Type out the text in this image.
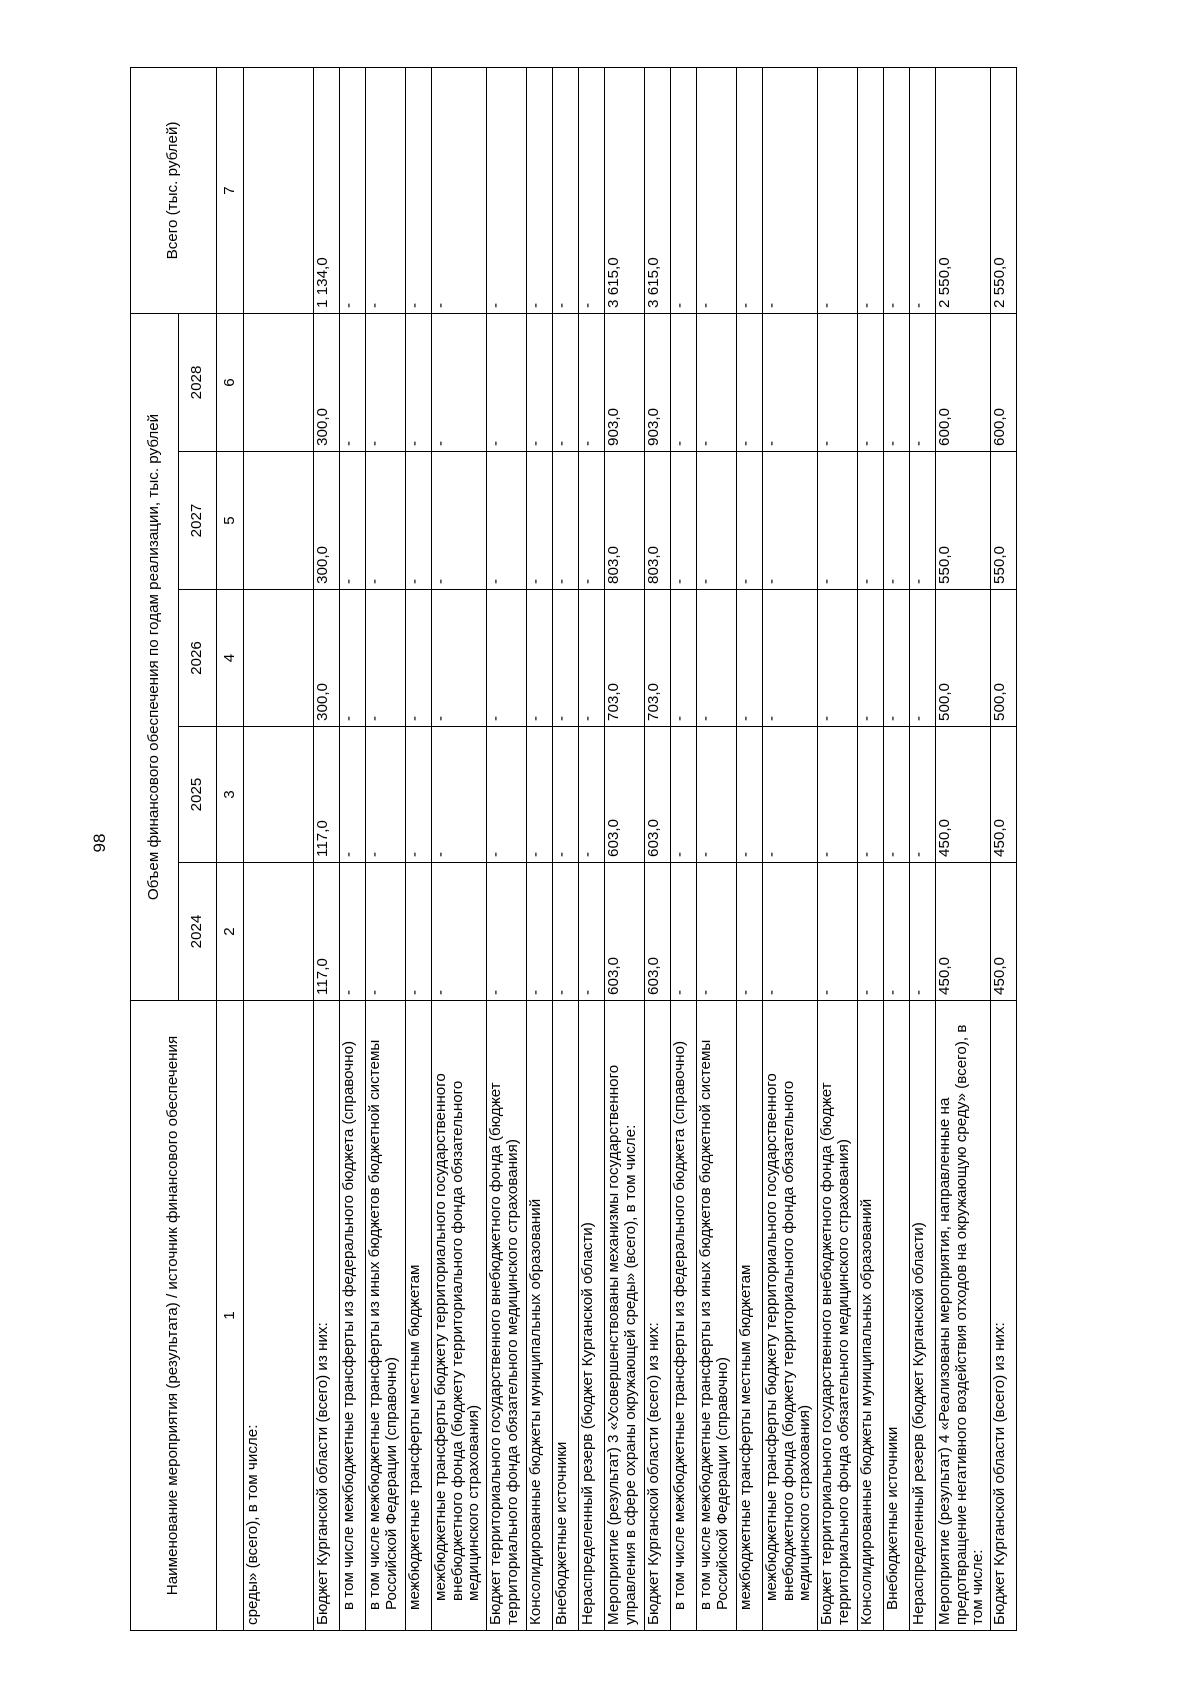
98
Наименование мероприятия (результата) / источник финансового обеспечения	Объем финансового обеспечения по годам реализации, тыс. рублей					Всего (тыс. рублей)
	2024	2025	2026	2027	2028	
1	2	3	4	5	6	7
среды» (всего), в том числе:						
Бюджет Курганской области (всего) из них:	117,0	117,0	300,0	300,0	300,0	1 134,0
в том числе межбюджетные трансферты из федерального бюджета (справочно)	-	-	-	-	-	-
в том числе межбюджетные трансферты из иных бюджетов бюджетной системы Российской Федерации (справочно)	-	-	-	-	-	-
межбюджетные трансферты местным бюджетам	-	-	-	-	-	-
межбюджетные трансферты бюджету территориального государственного внебюджетного фонда (бюджету территориального фонда обязательного медицинского страхования)	-	-	-	-	-	-
Бюджет территориального государственного внебюджетного фонда (бюджет территориального фонда обязательного медицинского страхования)	-	-	-	-	-	-
Консолидированные бюджеты муниципальных образований	-	-	-	-	-	-
Внебюджетные источники	-	-	-	-	-	-
Нераспределенный резерв (бюджет Курганской области)	-	-	-	-	-	-
Мероприятие (результат) 3 «Усовершенствованы механизмы государственного управления в сфере охраны окружающей среды» (всего), в том числе:	603,0	603,0	703,0	803,0	903,0	3 615,0
Бюджет Курганской области (всего) из них:	603,0	603,0	703,0	803,0	903,0	3 615,0
в том числе межбюджетные трансферты из федерального бюджета (справочно)	-	-	-	-	-	-
в том числе межбюджетные трансферты из иных бюджетов бюджетной системы Российской Федерации (справочно)	-	-	-	-	-	-
межбюджетные трансферты местным бюджетам	-	-	-	-	-	-
межбюджетные трансферты бюджету территориального государственного внебюджетного фонда (бюджету территориального фонда обязательного медицинского страхования)	-	-	-	-	-	-
Бюджет территориального государственного внебюджетного фонда (бюджет территориального фонда обязательного медицинского страхования)	-	-	-	-	-	-
Консолидированные бюджеты муниципальных образований	-	-	-	-	-	-
Внебюджетные источники	-	-	-	-	-	-
Нераспределенный резерв (бюджет Курганской области)	-	-	-	-	-	-
Мероприятие (результат) 4 «Реализованы мероприятия, направленные на предотвращение негативного воздействия отходов на окружающую среду» (всего), в том числе:	450,0	450,0	500,0	550,0	600,0	2 550,0
Бюджет Курганской области (всего) из них:	450,0	450,0	500,0	550,0	600,0	2 550,0
